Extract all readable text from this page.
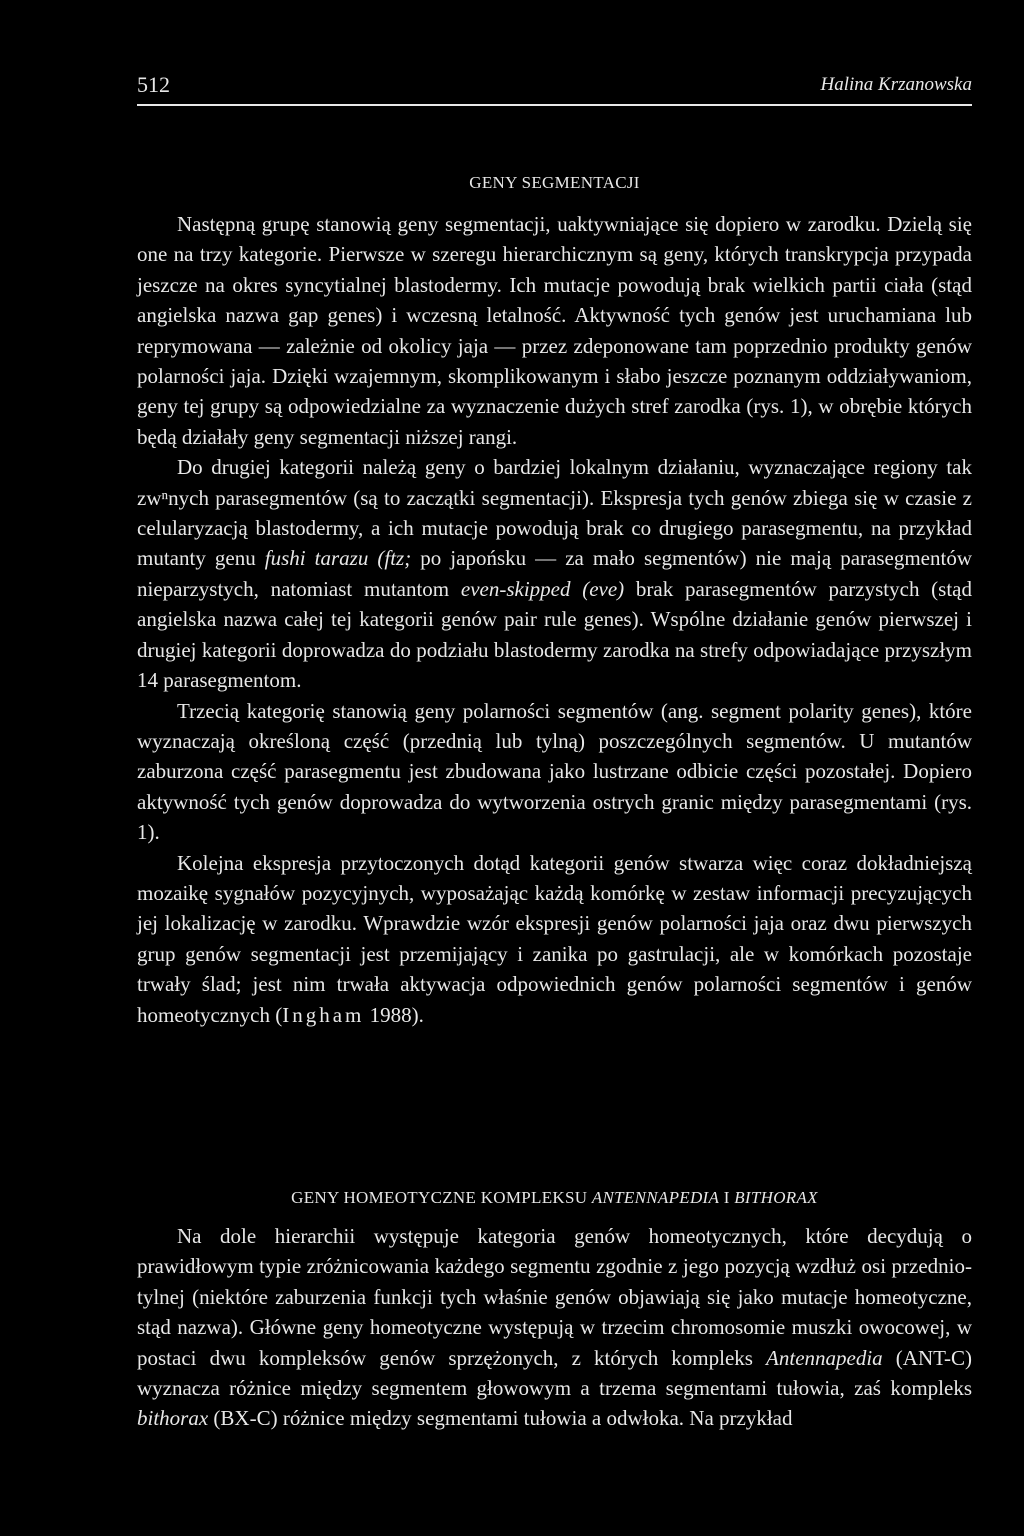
512	Halina Krzanowska
GENY SEGMENTACJI

Następną grupę stanowią geny segmentacji, uaktywniające się dopiero w zarodku. Dzielą się one na trzy kategorie. Pierwsze w szeregu hierarchicznym są geny, których transkrypcja przypada jeszcze na okres syncytialnej blastodermy. Ich mutacje powodują brak wielkich partii ciała (stąd angielska nazwa gap genes) i wczesną letalność. Aktywność tych genów jest uruchamiana lub reprymowana — zależnie od okolicy jaja — przez zdeponowane tam poprzednio produkty genów polarności jaja. Dzięki wzajemnym, skomplikowanym i słabo jeszcze poznanym oddziaływaniom, geny tej grupy są odpowiedzialne za wyznaczenie dużych stref zarodka (rys. 1), w obrębie których będą działały geny segmentacji niższej rangi.

Do drugiej kategorii należą geny o bardziej lokalnym działaniu, wyznaczające regiony tak zwⁿnych parasegmentów (są to zaczątki segmentacji). Ekspresja tych genów zbiega się w czasie z celularyzacją blastodermy, a ich mutacje powodują brak co drugiego parasegmentu, na przykład mutanty genu fushi tarazu (ftz; po japońsku — za mało segmentów) nie mają parasegmentów nieparzystych, natomiast mutantom even-skipped (eve) brak parasegmentów parzystych (stąd angielska nazwa całej tej kategorii genów pair rule genes). Wspólne działanie genów pierwszej i drugiej kategorii doprowadza do podziału blastodermy zarodka na strefy odpowiadające przyszłym 14 parasegmentom.

Trzecią kategorię stanowią geny polarności segmentów (ang. segment polarity genes), które wyznaczają określoną część (przednią lub tylną) poszczególnych segmentów. U mutantów zaburzona część parasegmentu jest zbudowana jako lustrzane odbicie części pozostałej. Dopiero aktywność tych genów doprowadza do wytworzenia ostrych granic między parasegmentami (rys. 1).

Kolejna ekspresja przytoczonych dotąd kategorii genów stwarza więc coraz dokładniejszą mozaikę sygnałów pozycyjnych, wyposażając każdą komórkę w zestaw informacji precyzujących jej lokalizację w zarodku. Wprawdzie wzór ekspresji genów polarności jaja oraz dwu pierwszych grup genów segmentacji jest przemijający i zanika po gastrulacji, ale w komórkach pozostaje trwały ślad; jest nim trwała aktywacja odpowiednich genów polarności segmentów i genów homeotycznych (Ingham 1988).

GENY HOMEOTYCZNE KOMPLEKSU ANTENNAPEDIA I BITHORAX

Na dole hierarchii występuje kategoria genów homeotycznych, które decydują o prawidłowym typie zróżnicowania każdego segmentu zgodnie z jego pozycją wzdłuż osi przednio-tylnej (niektóre zaburzenia funkcji tych właśnie genów objawiają się jako mutacje homeotyczne, stąd nazwa). Główne geny homeotyczne występują w trzecim chromosomie muszki owocowej, w postaci dwu kompleksów genów sprzężonych, z których kompleks Antennapedia (ANT-C) wyznacza różnice między segmentem głowowym a trzema segmentami tułowia, zaś kompleks bithorax (BX-C) różnice między segmentami tułowia a odwłoka. Na przykład
